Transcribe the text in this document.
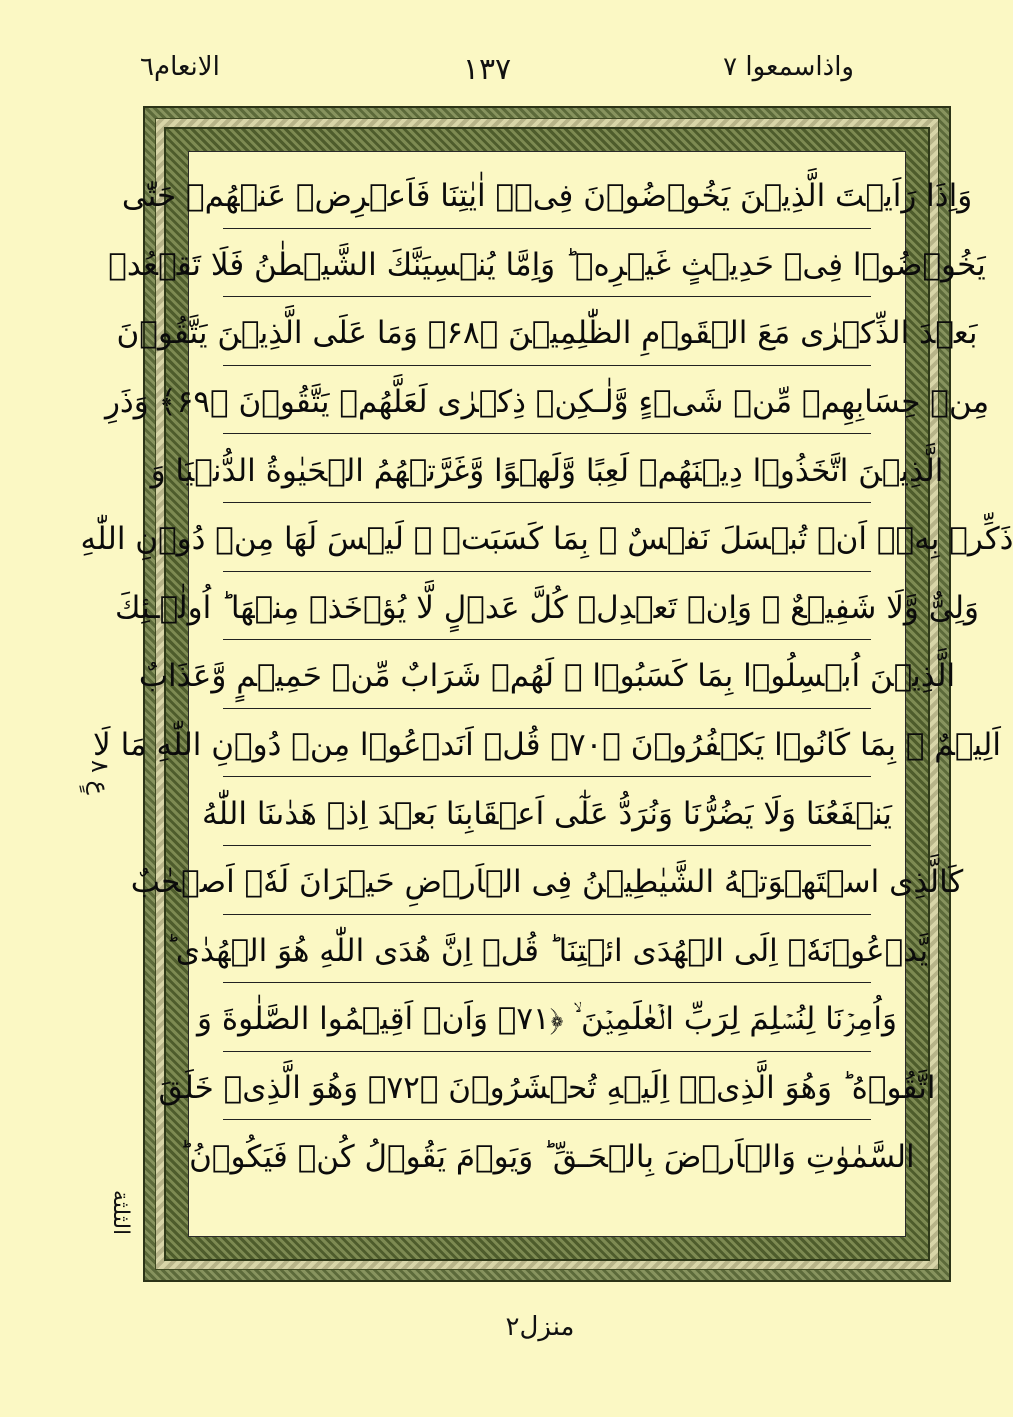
الانعام٦	١٣٧	واذاسمعوا ٧
عٍ ٨
الثلثة
وَاِذَا رَاَيۡتَ الَّذِيۡنَ يَخُوۡضُوۡنَ فِىۡۤ اٰيٰتِنَا فَاَعۡرِضۡ عَنۡهُمۡ حَتّٰى
يَخُوۡضُوۡا فِىۡ حَدِيۡثٍ غَيۡرِهٖ‌ ؕ وَاِمَّا يُنۡسِيَنَّكَ الشَّيۡطٰنُ فَلَا تَقۡعُدۡ
بَعۡدَ الذِّكۡرٰى مَعَ الۡقَوۡمِ الظّٰلِمِيۡنَ ﴿۶۸﴾ وَمَا عَلَى الَّذِيۡنَ يَتَّقُوۡنَ
مِنۡ حِسَابِهِمۡ مِّنۡ شَىۡءٍ وَّلٰـكِنۡ ذِكۡرٰى لَعَلَّهُمۡ يَتَّقُوۡنَ ﴿۶۹﴾ وَذَرِ
الَّذِيۡنَ اتَّخَذُوۡا دِيۡنَهُمۡ لَعِبًا وَّلَهۡوًا وَّغَرَّتۡهُمُ الۡحَيٰوةُ الدُّنۡيَا وَ
ذَكِّرۡ بِهٖۤ اَنۡ تُبۡسَلَ نَفۡسٌ ۢ بِمَا كَسَبَتۡ ‌ۖ لَيۡسَ لَهَا مِنۡ دُوۡنِ اللّٰهِ
وَلِىٌّ وَّلَا شَفِيۡعٌ‌ ۚ وَاِنۡ تَعۡدِلۡ كُلَّ عَدۡلٍ لَّا يُؤۡخَذۡ مِنۡهَا ؕ اُولٰۤـئِكَ
الَّذِيۡنَ اُبۡسِلُوۡا بِمَا كَسَبُوۡا‌ ۚ لَهُمۡ شَرَابٌ مِّنۡ حَمِيۡمٍ وَّعَذَابٌ
اَلِيۡمٌ ۢ بِمَا كَانُوۡا يَكۡفُرُوۡنَ ﴿۷۰﴾ قُلۡ اَنَدۡعُوۡا مِنۡ دُوۡنِ اللّٰهِ مَا لَا
يَنۡفَعُنَا وَلَا يَضُرُّنَا وَنُرَدُّ عَلٰٓى اَعۡقَابِنَا بَعۡدَ اِذۡ هَدٰٮنَا اللّٰهُ
كَالَّذِى اسۡتَهۡوَتۡهُ الشَّيٰطِيۡنُ فِى الۡاَرۡضِ حَيۡرَانَ لَهٗۤ اَصۡحٰبٌ
يَّدۡعُوۡنَهٗۤ اِلَى الۡهُدَى ائۡتِنَا ‌ؕ قُلۡ اِنَّ هُدَى اللّٰهِ هُوَ الۡهُدٰى‌ ؕ
وَاُمِرۡنَا لِنُسۡلِمَ لِرَبِّ الۡعٰلَمِيۡنَ ۙ ﴿۷۱﴾ وَاَنۡ اَقِيۡمُوا الصَّلٰوةَ وَ
اتَّقُوۡهُ‌ ؕ وَهُوَ الَّذِىۡۤ اِلَيۡهِ تُحۡشَرُوۡنَ ﴿۷۲﴾ وَهُوَ الَّذِىۡ خَلَقَ
السَّمٰوٰتِ وَالۡاَرۡضَ بِالۡحَـقِّ‌ ؕ وَيَوۡمَ يَقُوۡلُ كُنۡ فَيَكُوۡنُ ؕ
منزل٢
